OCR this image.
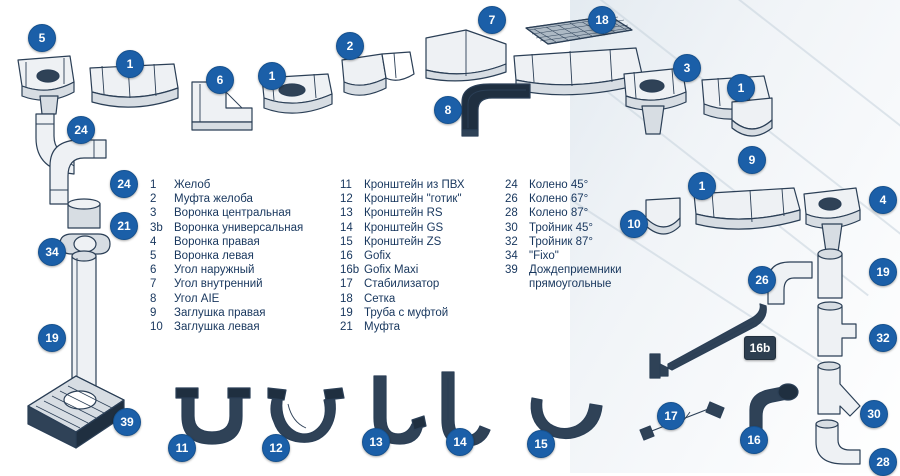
1	Желоб
2	Муфта желоба
3	Воронка центральная
3b Воронка универсальная
4	Воронка правая
5	Воронка левая
6	Угол наружный
7	Угол внутренний
8	Угол AIE
9	Заглушка правая
10 Заглушка левая
11	Кронштейн из ПВХ
12 Кронштейн "готик"
13 Кронштейн RS
14 Кронштейн GS
15 Кронштейн ZS
16 Gofix
16b Gofix Maxi
17 Стабилизатор
18 Сетка
19 Труба с муфтой
21 Муфта
24 Колено 45°
26 Колено 67°
28 Колено 87°
30 Тройник 45°
32 Тройник 87°
34 "Fixo"
39 Дождеприемники
прямоугольные
5
1
2
7	18
3
1
6	1
8
9
24
24
21
34
19
39
1
4
10
19
26
32
30
28
17
16
16b
11	12	13	14	15
